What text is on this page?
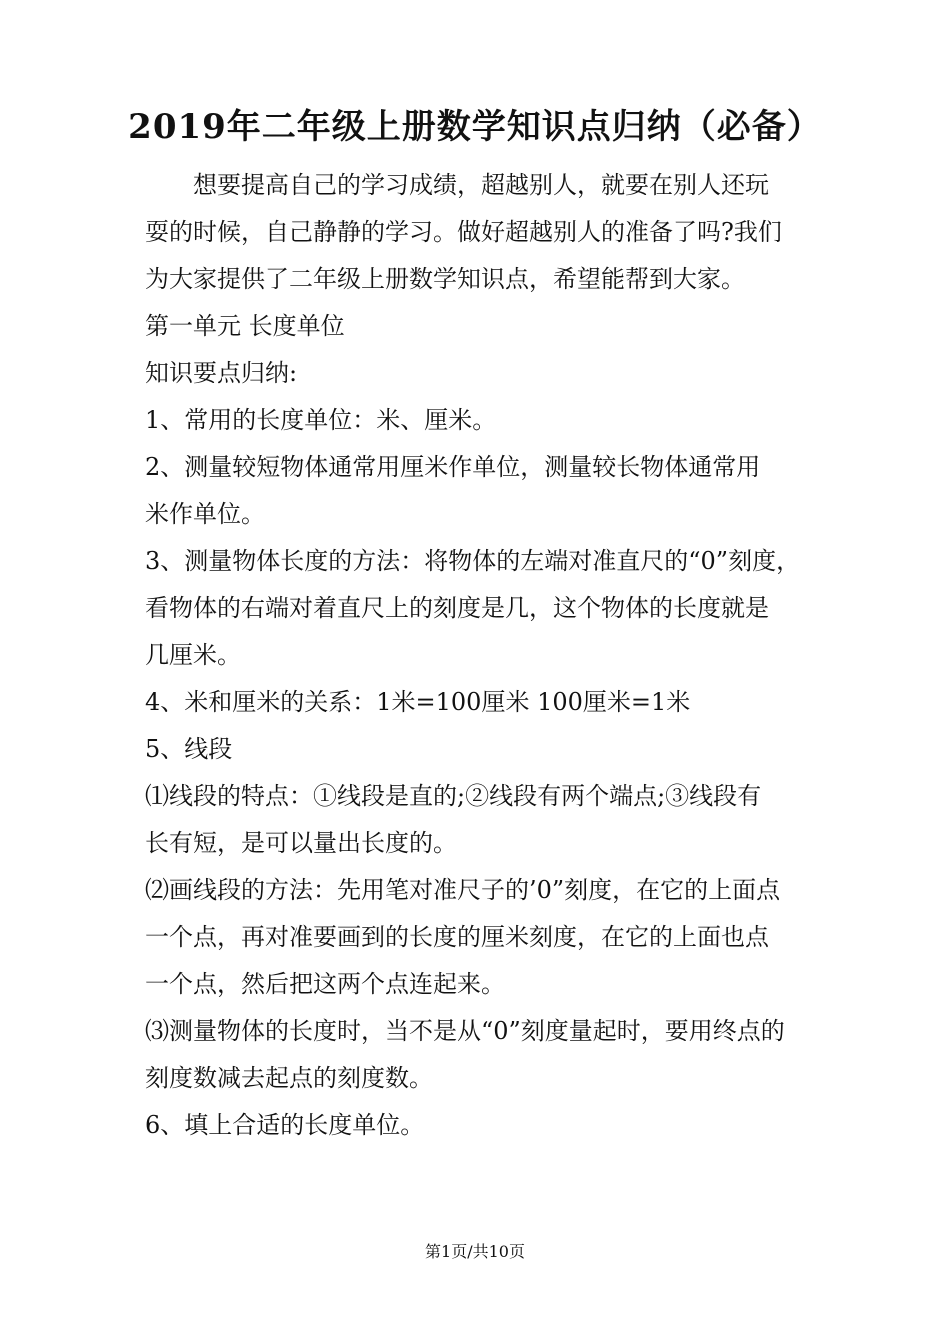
2019年二年级上册数学知识点归纳（必备）
想要提高自己的学习成绩，超越别人，就要在别人还玩
耍的时候，自己静静的学习。做好超越别人的准备了吗?我们
为大家提供了二年级上册数学知识点，希望能帮到大家。
第一单元 长度单位
知识要点归纳:
1、常用的长度单位：米、厘米。
2、测量较短物体通常用厘米作单位，测量较长物体通常用
米作单位。
3、测量物体长度的方法：将物体的左端对准直尺的“0”刻度，
看物体的右端对着直尺上的刻度是几，这个物体的长度就是
几厘米。
4、米和厘米的关系：1米=100厘米 100厘米=1米
5、线段
⑴线段的特点：①线段是直的;②线段有两个端点;③线段有
长有短，是可以量出长度的。
⑵画线段的方法：先用笔对准尺子的’0”刻度，在它的上面点
一个点，再对准要画到的长度的厘米刻度，在它的上面也点
一个点，然后把这两个点连起来。
⑶测量物体的长度时，当不是从“0”刻度量起时，要用终点的
刻度数减去起点的刻度数。
6、填上合适的长度单位。
第1页/共10页
